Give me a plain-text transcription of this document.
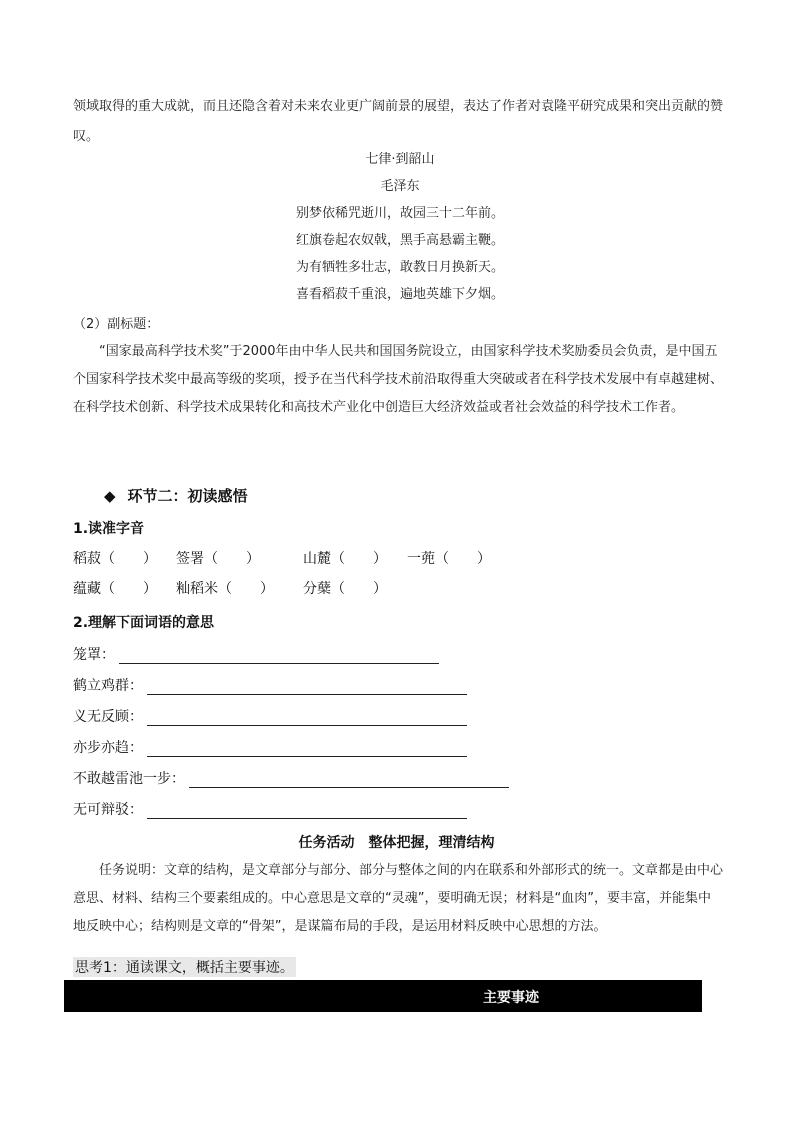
领域取得的重大成就，而且还隐含着对未来农业更广阔前景的展望，表达了作者对袁隆平研究成果和突出贡献的赞叹。

七律·到韶山
毛泽东
别梦依稀咒逝川，故园三十二年前。
红旗卷起农奴戟，黑手高悬霸主鞭。
为有牺牲多壮志，敢教日月换新天。
喜看稻菽千重浪，遍地英雄下夕烟。
（2）副标题：

“国家最高科学技术奖”于2000年由中华人民共和国国务院设立，由国家科学技术奖励委员会负责，是中国五个国家科学技术奖中最高等级的奖项，授予在当代科学技术前沿取得重大突破或者在科学技术发展中有卓越建树、在科学技术创新、科学技术成果转化和高技术产业化中创造巨大经济效益或者社会效益的科学技术工作者。

◆ 环节二：初读感悟
1.读准字音
稻菽（　　） 签署（　　）	山麓（　　） 一蔸（　　）
蕴藏（　　） 籼稻米（　　） 分蘖（　　）
2.理解下面词语的意思
笼罩：
鹤立鸡群：
义无反顾：
亦步亦趋：
不敢越雷池一步：
无可辩驳：
任务活动　整体把握，理清结构

任务说明：文章的结构，是文章部分与部分、部分与整体之间的内在联系和外部形式的统一。文章都是由中心意思、材料、结构三个要素组成的。中心意思是文章的“灵魂”，要明确无误；材料是“血肉”，要丰富，并能集中地反映中心；结构则是文章的“骨架”，是谋篇布局的手段，是运用材料反映中心思想的方法。

思考1：通读课文，概括主要事迹。
主要事迹
